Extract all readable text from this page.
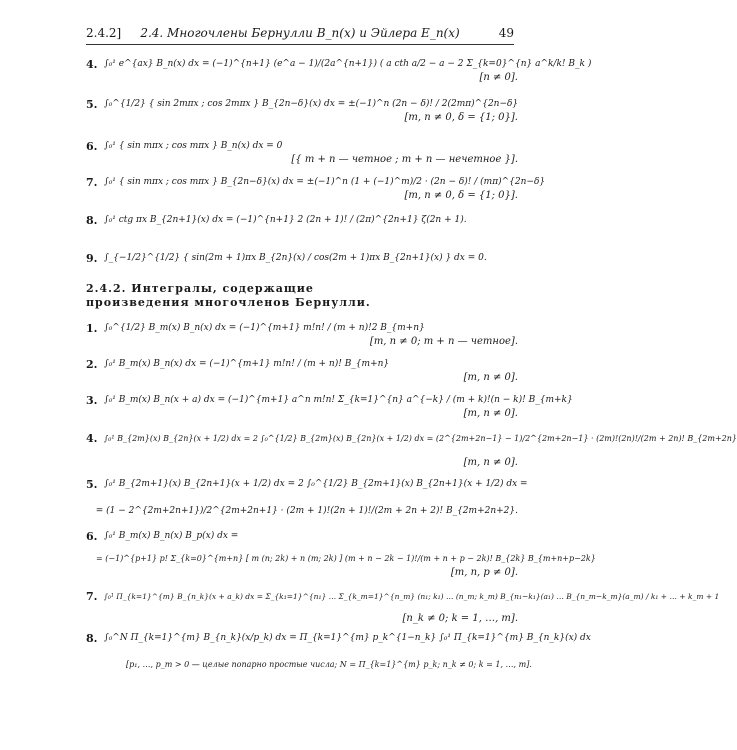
2.4.2]	2.4. Многочлены Бернулли B_n(x) и Эйлера E_n(x)	49
4. ∫₀¹ e^{ax} B_n(x) dx = (−1)^{n+1} (e^a − 1)/(2a^{n+1}) ( a cth a/2 − a − 2 Σ_{k=0}^{n} a^k/k! B_k )
[n ≠ 0].
5. ∫₀^{1/2} { sin 2mπx ; cos 2mπx } B_{2n−δ}(x) dx = ±(−1)^n (2n − δ)! / 2(2mπ)^{2n−δ}
[m, n ≠ 0, δ = {1; 0}].
6. ∫₀¹ { sin mπx ; cos mπx } B_n(x) dx = 0
[{ m + n — четное ; m + n — нечетное }].
7. ∫₀¹ { sin mπx ; cos mπx } B_{2n−δ}(x) dx = ±(−1)^n (1 + (−1)^m)/2 · (2n − δ)! / (mπ)^{2n−δ}
[m, n ≠ 0, δ = {1; 0}].
8. ∫₀¹ ctg πx B_{2n+1}(x) dx = (−1)^{n+1} 2 (2n + 1)! / (2π)^{2n+1} ζ(2n + 1).
9. ∫_{−1/2}^{1/2} { sin(2m + 1)πx B_{2n}(x) / cos(2m + 1)πx B_{2n+1}(x) } dx = 0.
2.4.2. Интегралы, содержащие произведения многочленов Бернулли.
1. ∫₀^{1/2} B_m(x) B_n(x) dx = (−1)^{m+1} m!n! / (m + n)!2 B_{m+n}
[m, n ≠ 0; m + n — четное].
2. ∫₀¹ B_m(x) B_n(x) dx = (−1)^{m+1} m!n! / (m + n)! B_{m+n}
[m, n ≠ 0].
3. ∫₀¹ B_m(x) B_n(x + a) dx = (−1)^{m+1} a^n m!n! Σ_{k=1}^{n} a^{−k} / (m + k)!(n − k)! B_{m+k}
[m, n ≠ 0].
4. ∫₀¹ B_{2m}(x) B_{2n}(x + 1/2) dx = 2 ∫₀^{1/2} B_{2m}(x) B_{2n}(x + 1/2) dx = (2^{2m+2n−1} − 1)/2^{2m+2n−1} · (2m)!(2n)!/(2m + 2n)! B_{2m+2n}
[m, n ≠ 0].
5. ∫₀¹ B_{2m+1}(x) B_{2n+1}(x + 1/2) dx = 2 ∫₀^{1/2} B_{2m+1}(x) B_{2n+1}(x + 1/2) dx =
= (1 − 2^{2m+2n+1})/2^{2m+2n+1} · (2m + 1)!(2n + 1)!/(2m + 2n + 2)! B_{2m+2n+2}.
6. ∫₀¹ B_m(x) B_n(x) B_p(x) dx =
= (−1)^{p+1} p! Σ_{k=0}^{m+n} [ m (n; 2k) + n (m; 2k) ] (m + n − 2k − 1)!/(m + n + p − 2k)! B_{2k} B_{m+n+p−2k}
[m, n, p ≠ 0].
7. ∫₀¹ Π_{k=1}^{m} B_{n_k}(x + a_k) dx = Σ_{k₁=1}^{n₁} … Σ_{k_m=1}^{n_m} (n₁; k₁) … (n_m; k_m) B_{n₁−k₁}(a₁) … B_{n_m−k_m}(a_m) / k₁ + … + k_m + 1
[n_k ≠ 0; k = 1, …, m].
8. ∫₀^N Π_{k=1}^{m} B_{n_k}(x/p_k) dx = Π_{k=1}^{m} p_k^{1−n_k} ∫₀¹ Π_{k=1}^{m} B_{n_k}(x) dx
[p₁, …, p_m > 0 — целые попарно простые числа; N = Π_{k=1}^{m} p_k; n_k ≠ 0; k = 1, …, m].
